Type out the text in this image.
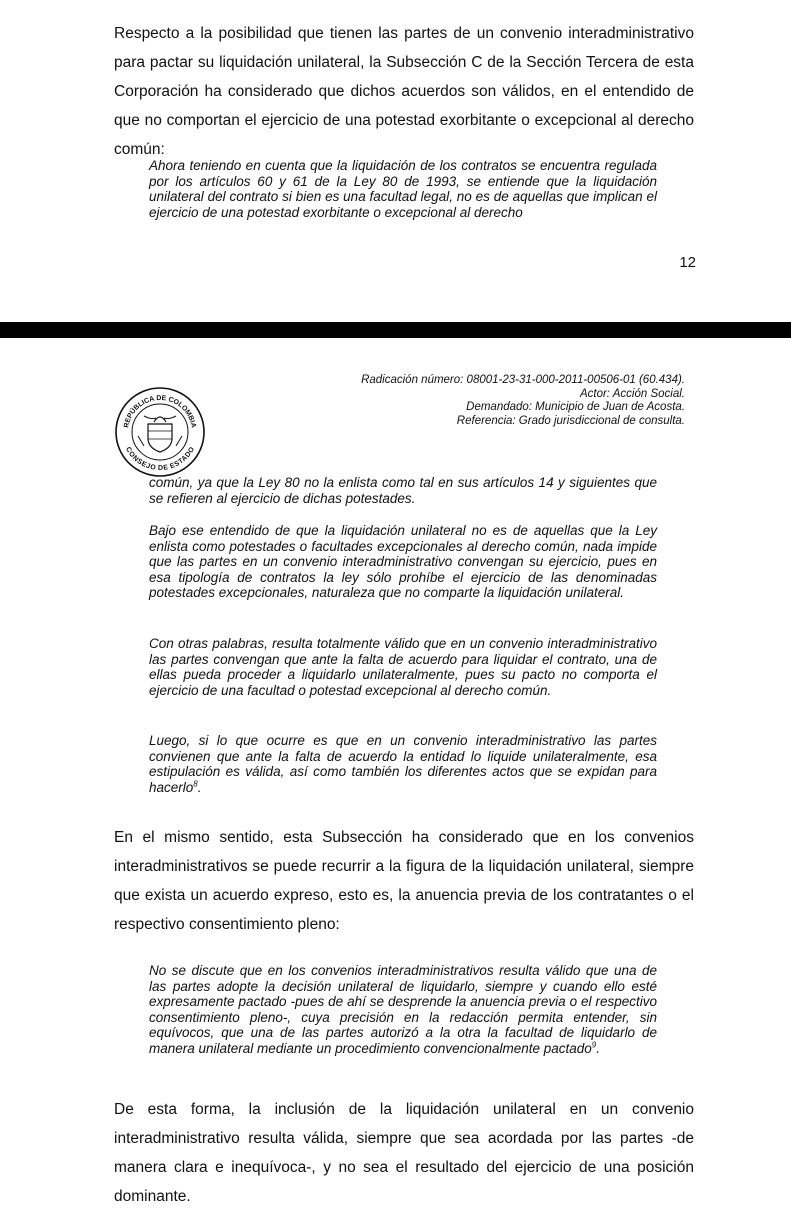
Respecto a la posibilidad que tienen las partes de un convenio interadministrativo para pactar su liquidación unilateral, la Subsección C de la Sección Tercera de esta Corporación ha considerado que dichos acuerdos son válidos, en el entendido de que no comportan el ejercicio de una potestad exorbitante o excepcional al derecho común:

Ahora teniendo en cuenta que la liquidación de los contratos se encuentra regulada por los artículos 60 y 61 de la Ley 80 de 1993, se entiende que la liquidación unilateral del contrato si bien es una facultad legal, no es de aquellas que implican el ejercicio de una potestad exorbitante o excepcional al derecho

12
REPÚBLICA DE COLOMBIA
CONSEJO DE ESTADO
Radicación número: 08001-23-31-000-2011-00506-01 (60.434).
Actor: Acción Social.
Demandado: Municipio de Juan de Acosta.
Referencia: Grado jurisdiccional de consulta.

común, ya que la Ley 80 no la enlista como tal en sus artículos 14 y siguientes que se refieren al ejercicio de dichas potestades.

Bajo ese entendido de que la liquidación unilateral no es de aquellas que la Ley enlista como potestades o facultades excepcionales al derecho común, nada impide que las partes en un convenio interadministrativo convengan su ejercicio, pues en esa tipología de contratos la ley sólo prohíbe el ejercicio de las denominadas potestades excepcionales, naturaleza que no comparte la liquidación unilateral.

Con otras palabras, resulta totalmente válido que en un convenio interadministrativo las partes convengan que ante la falta de acuerdo para liquidar el contrato, una de ellas pueda proceder a liquidarlo unilateralmente, pues su pacto no comporta el ejercicio de una facultad o potestad excepcional al derecho común.

Luego, si lo que ocurre es que en un convenio interadministrativo las partes convienen que ante la falta de acuerdo la entidad lo liquide unilateralmente, esa estipulación es válida, así como también los diferentes actos que se expidan para hacerlo$^8$.

En el mismo sentido, esta Subsección ha considerado que en los convenios interadministrativos se puede recurrir a la figura de la liquidación unilateral, siempre que exista un acuerdo expreso, esto es, la anuencia previa de los contratantes o el respectivo consentimiento pleno:

No se discute que en los convenios interadministrativos resulta válido que una de las partes adopte la decisión unilateral de liquidarlo, siempre y cuando ello esté expresamente pactado -pues de ahí se desprende la anuencia previa o el respectivo consentimiento pleno-, cuya precisión en la redacción permita entender, sin equívocos, que una de las partes autorizó a la otra la facultad de liquidarlo de manera unilateral mediante un procedimiento convencionalmente pactado$^9$.

De esta forma, la inclusión de la liquidación unilateral en un convenio interadministrativo resulta válida, siempre que sea acordada por las partes -de manera clara e inequívoca-, y no sea el resultado del ejercicio de una posición dominante.
